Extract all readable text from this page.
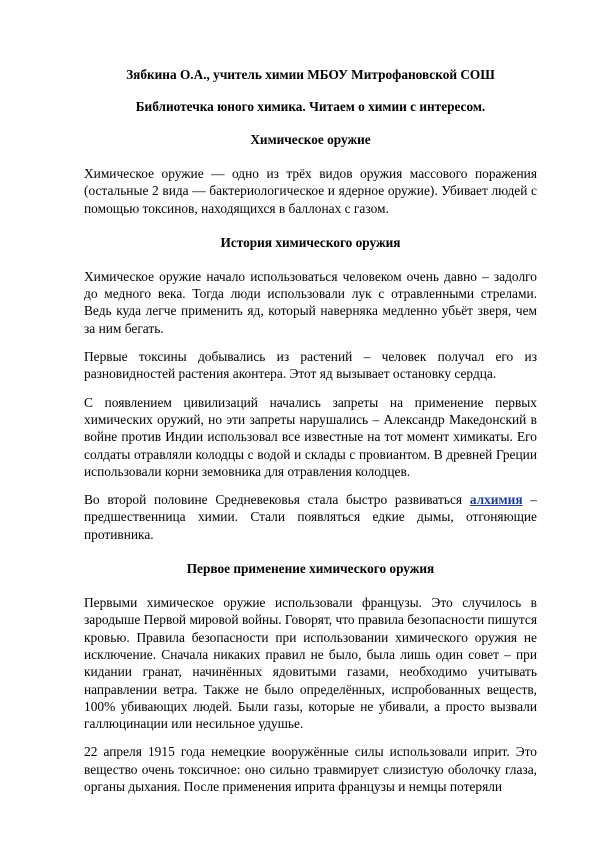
Зябкина О.А., учитель химии МБОУ Митрофановской СОШ

Библиотечка юного химика. Читаем о химии с интересом.

Химическое оружие

Химическое оружие — одно из трёх видов оружия массового поражения (остальные 2 вида — бактериологическое и ядерное оружие). Убивает людей с помощью токсинов, находящихся в баллонах с газом.

История химического оружия

Химическое оружие начало использоваться человеком очень давно – задолго до медного века. Тогда люди использовали лук с отравленными стрелами. Ведь куда легче применить яд, который наверняка медленно убьёт зверя, чем за ним бегать.

Первые токсины добывались из растений – человек получал его из разновидностей растения аконтера. Этот яд вызывает остановку сердца.

С появлением цивилизаций начались запреты на применение первых химических оружий, но эти запреты нарушались – Александр Македонский в войне против Индии использовал все известные на тот момент химикаты. Его солдаты отравляли колодцы с водой и склады с провиантом. В древней Греции использовали корни земовника для отравления колодцев.

Во второй половине Средневековья стала быстро развиваться алхимия – предшественница химии. Стали появляться едкие дымы, отгоняющие противника.

Первое применение химического оружия

Первыми химическое оружие использовали французы. Это случилось в зародыше Первой мировой войны. Говорят, что правила безопасности пишутся кровью. Правила безопасности при использовании химического оружия не исключение. Сначала никаких правил не было, была лишь один совет – при кидании гранат, начинённых ядовитыми газами, необходимо учитывать направлении ветра. Также не было определённых, испробованных веществ, 100% убивающих людей. Были газы, которые не убивали, а просто вызвали галлюцинации или несильное удушье.

22 апреля 1915 года немецкие вооружённые силы использовали иприт. Это вещество очень токсичное: оно сильно травмирует слизистую оболочку глаза, органы дыхания. После применения иприта французы и немцы потеряли
